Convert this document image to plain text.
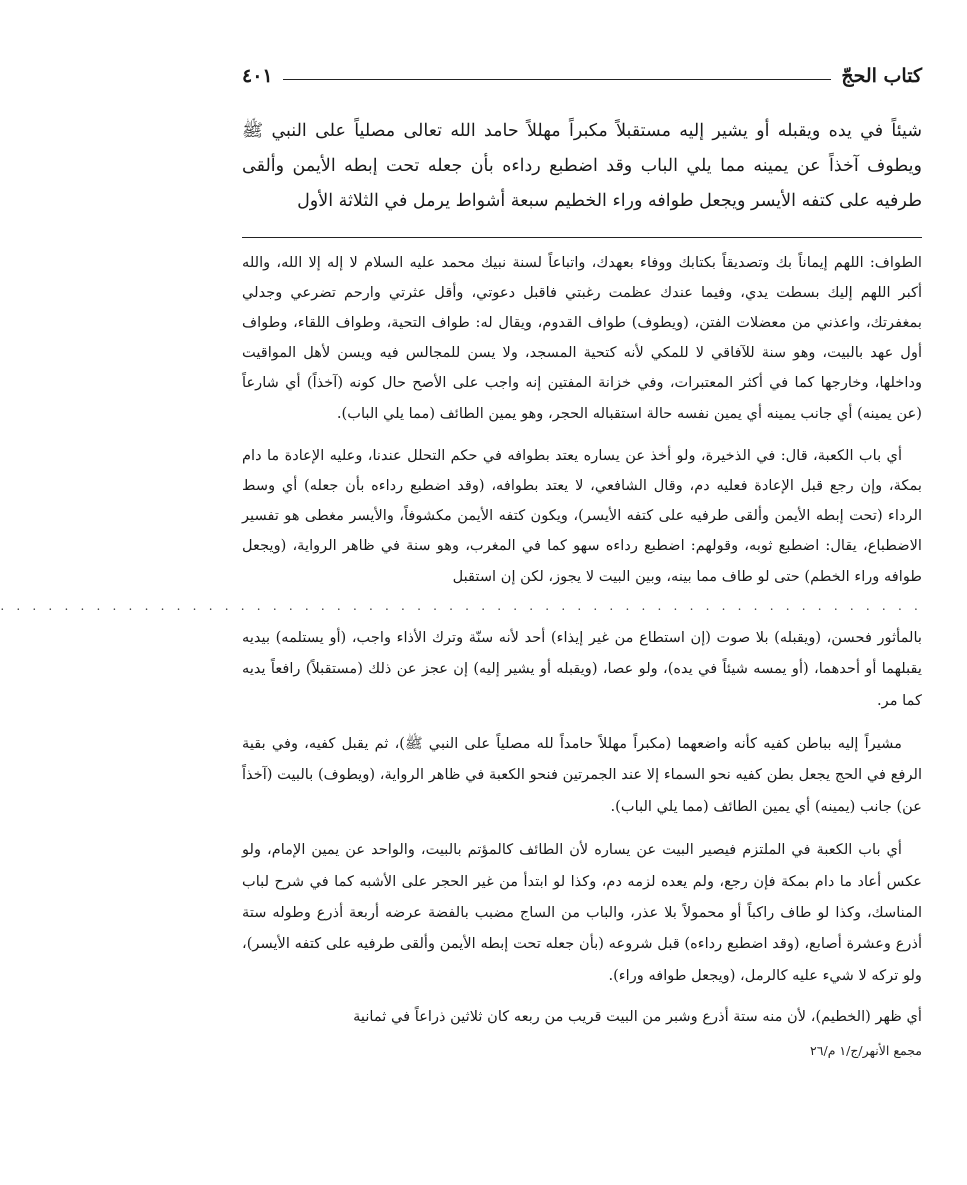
كتاب الحجّ
٤٠١

شيئاً في يده ويقبله أو يشير إليه مستقبلاً مكبراً مهللاً حامد الله تعالى مصلياً على النبي ﷺ ويطوف آخذاً عن يمينه مما يلي الباب وقد اضطبع رداءه بأن جعله تحت إبطه الأيمن وألقى طرفيه على كتفه الأيسر ويجعل طوافه وراء الخطيم سبعة أشواط يرمل في الثلاثة الأول

الطواف: اللهم إيماناً بك وتصديقاً بكتابك ووفاء بعهدك، واتباعاً لسنة نبيك محمد عليه السلام لا إله إلا الله، والله أكبر اللهم إليك بسطت يدي، وفيما عندك عظمت رغبتي فاقبل دعوتي، وأقل عثرتي وارحم تضرعي وجدلي بمغفرتك، واعذني من معضلات الفتن، (ويطوف) طواف القدوم، ويقال له: طواف التحية، وطواف اللقاء، وطواف أول عهد بالبيت، وهو سنة للآفاقي لا للمكي لأنه كتحية المسجد، ولا يسن للمجالس فيه ويسن لأهل المواقيت وداخلها، وخارجها كما في أكثر المعتبرات، وفي خزانة المفتين إنه واجب على الأصح حال كونه (آخذاً) أي شارعاً (عن يمينه) أي جانب يمينه أي يمين نفسه حالة استقباله الحجر، وهو يمين الطائف (مما يلي الباب).

أي باب الكعبة، قال: في الذخيرة، ولو أخذ عن يساره يعتد بطوافه في حكم التحلل عندنا، وعليه الإعادة ما دام بمكة، وإن رجع قبل الإعادة فعليه دم، وقال الشافعي، لا يعتد بطوافه، (وقد اضطبع رداءه بأن جعله) أي وسط الرداء (تحت إبطه الأيمن وألقى طرفيه على كتفه الأيسر)، ويكون كتفه الأيمن مكشوفاً، والأيسر مغطى هو تفسير الاضطباع، يقال: اضطبع ثوبه، وقولهم: اضطبع رداءه سهو كما في المغرب، وهو سنة في ظاهر الرواية، (ويجعل طوافه وراء الخطم) حتى لو طاف مما بينه، وبين البيت لا يجوز، لكن إن استقبل

. . . . . . . . . . . . . . . . . . . . . . . . . . . . . . . . . . . . . . . . . . . . . . . . . . . . . . . . . .

بالمأثور فحسن، (ويقبله) بلا صوت (إن استطاع من غير إيذاء) أحد لأنه سنّة وترك الأذاء واجب، (أو يستلمه) بيديه يقبلهما أو أحدهما، (أو يمسه شيئاً في يده)، ولو عصا، (ويقبله أو يشير إليه) إن عجز عن ذلك (مستقبلاً) رافعاً يديه كما مر.

مشيراً إليه بباطن كفيه كأنه واضعهما (مكبراً مهللاً حامداً لله مصلياً على النبي ﷺ)، ثم يقبل كفيه، وفي بقية الرفع في الحج يجعل بطن كفيه نحو السماء إلا عند الجمرتين فنحو الكعبة في ظاهر الرواية، (ويطوف) بالبيت (آخذاً عن) جانب (يمينه) أي يمين الطائف (مما يلي الباب).

أي باب الكعبة في الملتزم فيصير البيت عن يساره لأن الطائف كالمؤتم بالبيت، والواحد عن يمين الإمام، ولو عكس أعاد ما دام بمكة فإن رجع، ولم يعده لزمه دم، وكذا لو ابتدأ من غير الحجر على الأشبه كما في شرح لباب المناسك، وكذا لو طاف راكباً أو محمولاً بلا عذر، والباب من الساج مضبب بالفضة عرضه أربعة أذرع وطوله ستة أذرع وعشرة أصابع، (وقد اضطبع رداءه) قبل شروعه (بأن جعله تحت إبطه الأيمن وألقى طرفيه على كتفه الأيسر)، ولو تركه لا شيء عليه كالرمل، (ويجعل طوافه وراء).

أي ظهر (الخطيم)، لأن منه ستة أذرع وشبر من البيت قريب من ربعه كان ثلاثين ذراعاً في ثمانية

مجمع الأنهر/ج/١ م/٢٦
